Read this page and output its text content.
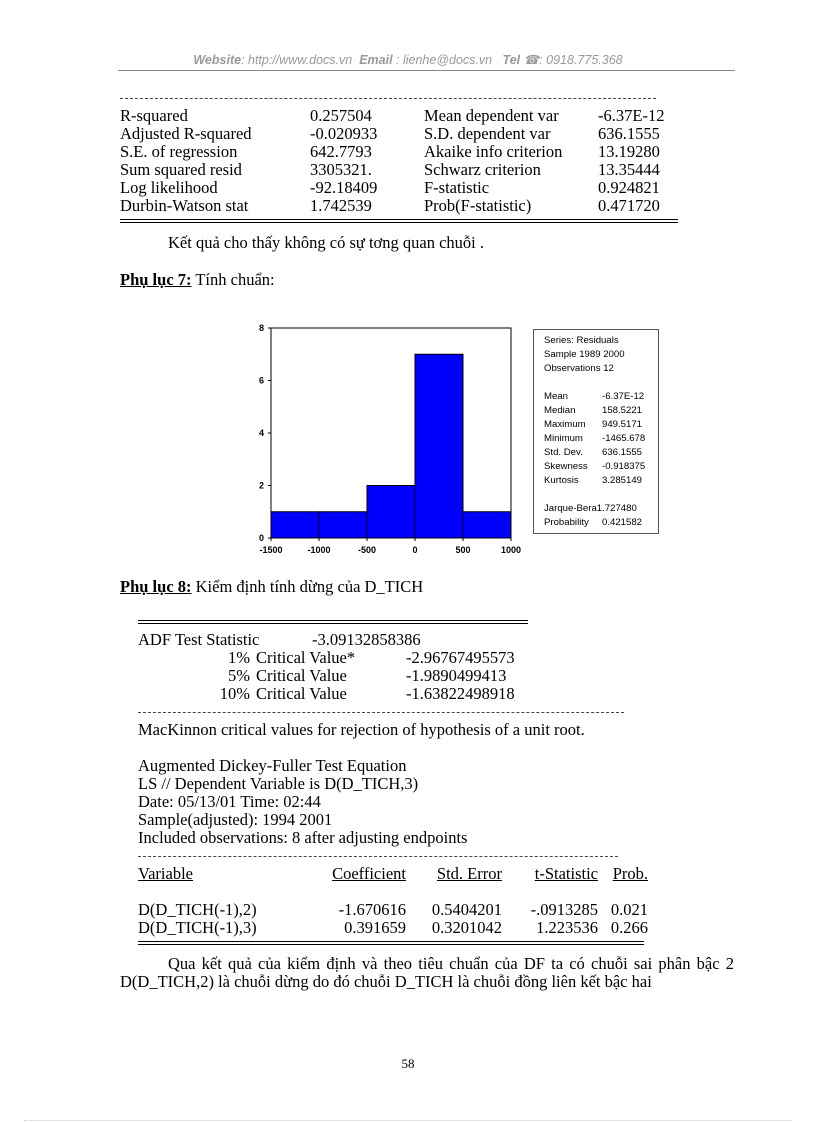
Website: http://www.docs.vn Email : lienhe@docs.vn Tel ☎: 0918.775.368
R-squared	0.257504	Mean dependent var	-6.37E-12
Adjusted R-squared	-0.020933	S.D. dependent var	636.1555
S.E. of regression	642.7793	Akaike info criterion	13.19280
Sum squared resid	3305321.	Schwarz criterion	13.35444
Log likelihood	-92.18409	F-statistic	0.924821
Durbin-Watson stat	1.742539	Prob(F-statistic)	0.471720
Kết quả cho thấy không có sự tơng quan chuỗi .
Phụ lục 7: Tính chuẩn:
-1500	-1000	-500	0	500	1000
0
2
4
6
8
Series: Residuals
Sample 1989 2000
Observations 12
Mean	-6.37E-12
Median	158.5221
Maximum 949.5171
Minimum -1465.678
Std. Dev. 636.1555
Skewness -0.918375
Kurtosis 3.285149
Jarque-Bera1.727480
Probability 0.421582
Phụ lục 8: Kiểm định tính dừng của D_TICH
ADF Test Statistic	-3.09132858386
1% Critical Value*	-2.96767495573
5% Critical Value	-1.9890499413
10% Critical Value	-1.63822498918
MacKinnon critical values for rejection of hypothesis of a unit root.
Augmented Dickey-Fuller Test Equation
LS // Dependent Variable is D(D_TICH,3)
Date: 05/13/01 Time: 02:44
Sample(adjusted): 1994 2001
Included observations: 8 after adjusting endpoints
Variable	Coefficient	Std. Error	t-Statistic	Prob.
D(D_TICH(-1),2)	-1.670616	0.5404201	-.0913285	0.021
D(D_TICH(-1),3)	0.391659	0.3201042	1.223536	0.266
Qua kết quả của kiểm định và theo tiêu chuẩn của DF ta có chuỗi sai phân bậc 2 D(D_TICH,2) là chuỗi dừng do đó chuỗi D_TICH là chuỗi đồng liên kết bậc hai
58
